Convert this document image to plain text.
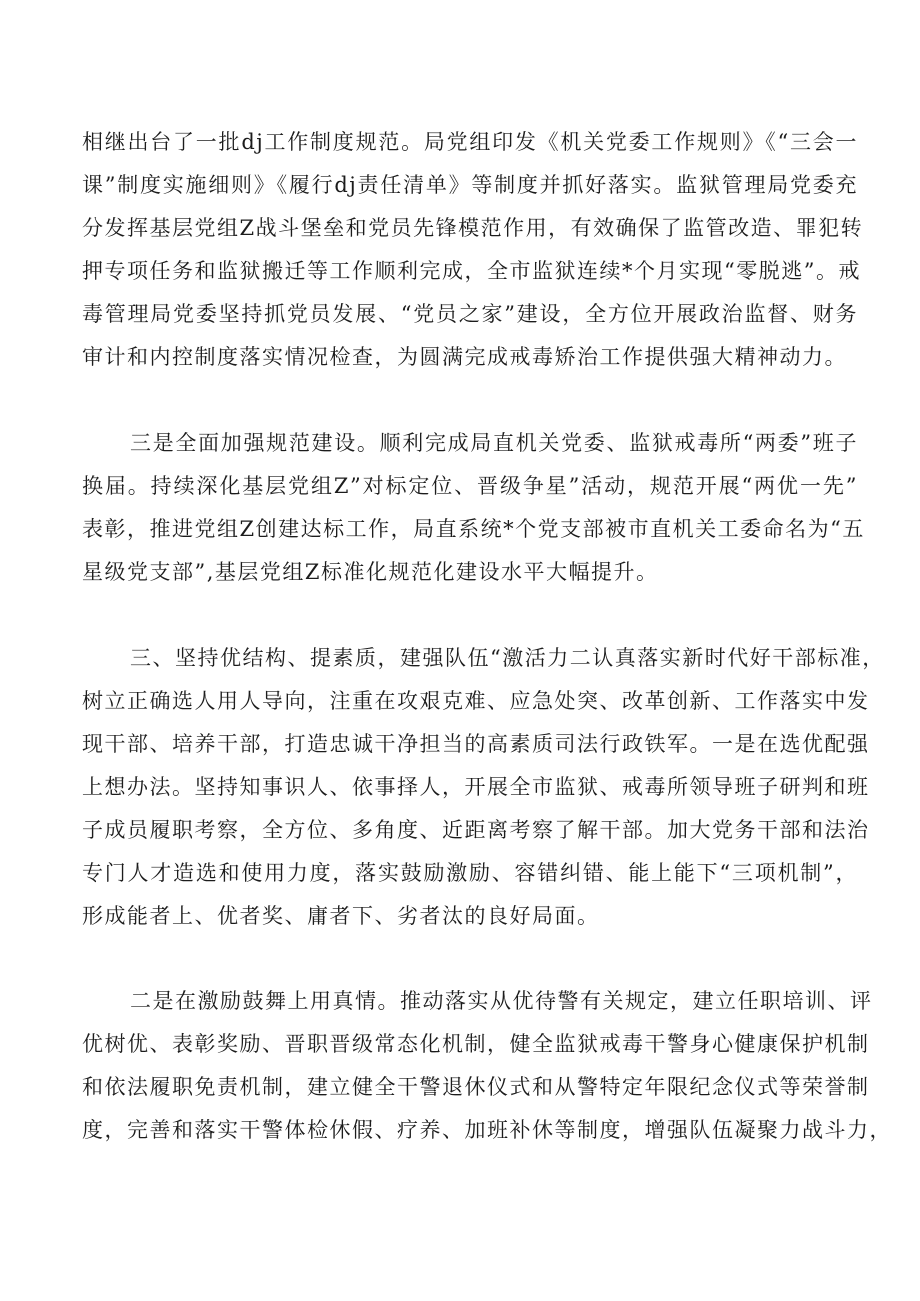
相继出台了一批dj工作制度规范。局党组印发《机关党委工作规则》《“三会一
课”制度实施细则》《履行dj责任清单》等制度并抓好落实。监狱管理局党委充
分发挥基层党组Z战斗堡垒和党员先锋模范作用，有效确保了监管改造、罪犯转
押专项任务和监狱搬迁等工作顺利完成，全市监狱连续*个月实现“零脱逃”。戒
毒管理局党委坚持抓党员发展、“党员之家”建设，全方位开展政治监督、财务
审计和内控制度落实情况检查，为圆满完成戒毒矫治工作提供强大精神动力。
三是全面加强规范建设。顺利完成局直机关党委、监狱戒毒所“两委”班子
换届。持续深化基层党组Z”对标定位、晋级争星”活动，规范开展“两优一先”
表彰，推进党组Z创建达标工作，局直系统*个党支部被市直机关工委命名为“五
星级党支部”,基层党组Z标准化规范化建设水平大幅提升。
三、坚持优结构、提素质，建强队伍“激活力二认真落实新时代好干部标准，
树立正确选人用人导向，注重在攻艰克难、应急处突、改革创新、工作落实中发
现干部、培养干部，打造忠诚干净担当的高素质司法行政铁军。一是在选优配强
上想办法。坚持知事识人、依事择人，开展全市监狱、戒毒所领导班子研判和班
子成员履职考察，全方位、多角度、近距离考察了解干部。加大党务干部和法治
专门人才造选和使用力度，落实鼓励激励、容错纠错、能上能下“三项机制”，
形成能者上、优者奖、庸者下、劣者汰的良好局面。
二是在激励鼓舞上用真情。推动落实从优待警有关规定，建立任职培训、评
优树优、表彰奖励、晋职晋级常态化机制，健全监狱戒毒干警身心健康保护机制
和依法履职免责机制，建立健全干警退休仪式和从警特定年限纪念仪式等荣誉制
度，完善和落实干警体检休假、疗养、加班补休等制度，增强队伍凝聚力战斗力，
